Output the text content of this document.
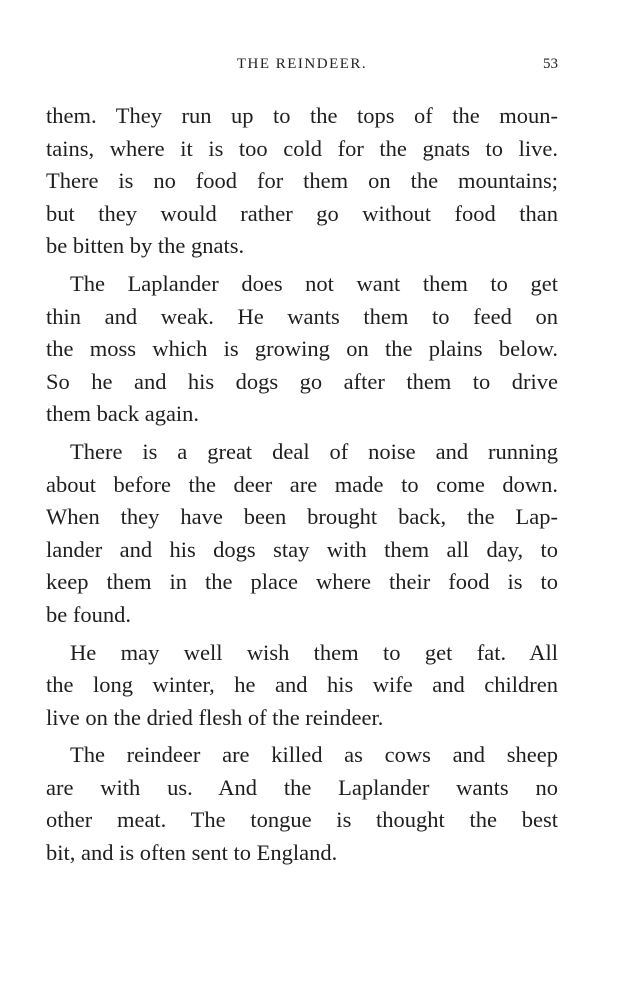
THE REINDEER.	53
them. They run up to the tops of the moun-
tains, where it is too cold for the gnats to live.
There is no food for them on the mountains;
but they would rather go without food than
be bitten by the gnats.
The Laplander does not want them to get
thin and weak. He wants them to feed on
the moss which is growing on the plains below.
So he and his dogs go after them to drive
them back again.
There is a great deal of noise and running
about before the deer are made to come down.
When they have been brought back, the Lap-
lander and his dogs stay with them all day, to
keep them in the place where their food is to
be found.
He may well wish them to get fat. All
the long winter, he and his wife and children
live on the dried flesh of the reindeer.
The reindeer are killed as cows and sheep
are with us. And the Laplander wants no
other meat. The tongue is thought the best
bit, and is often sent to England.
